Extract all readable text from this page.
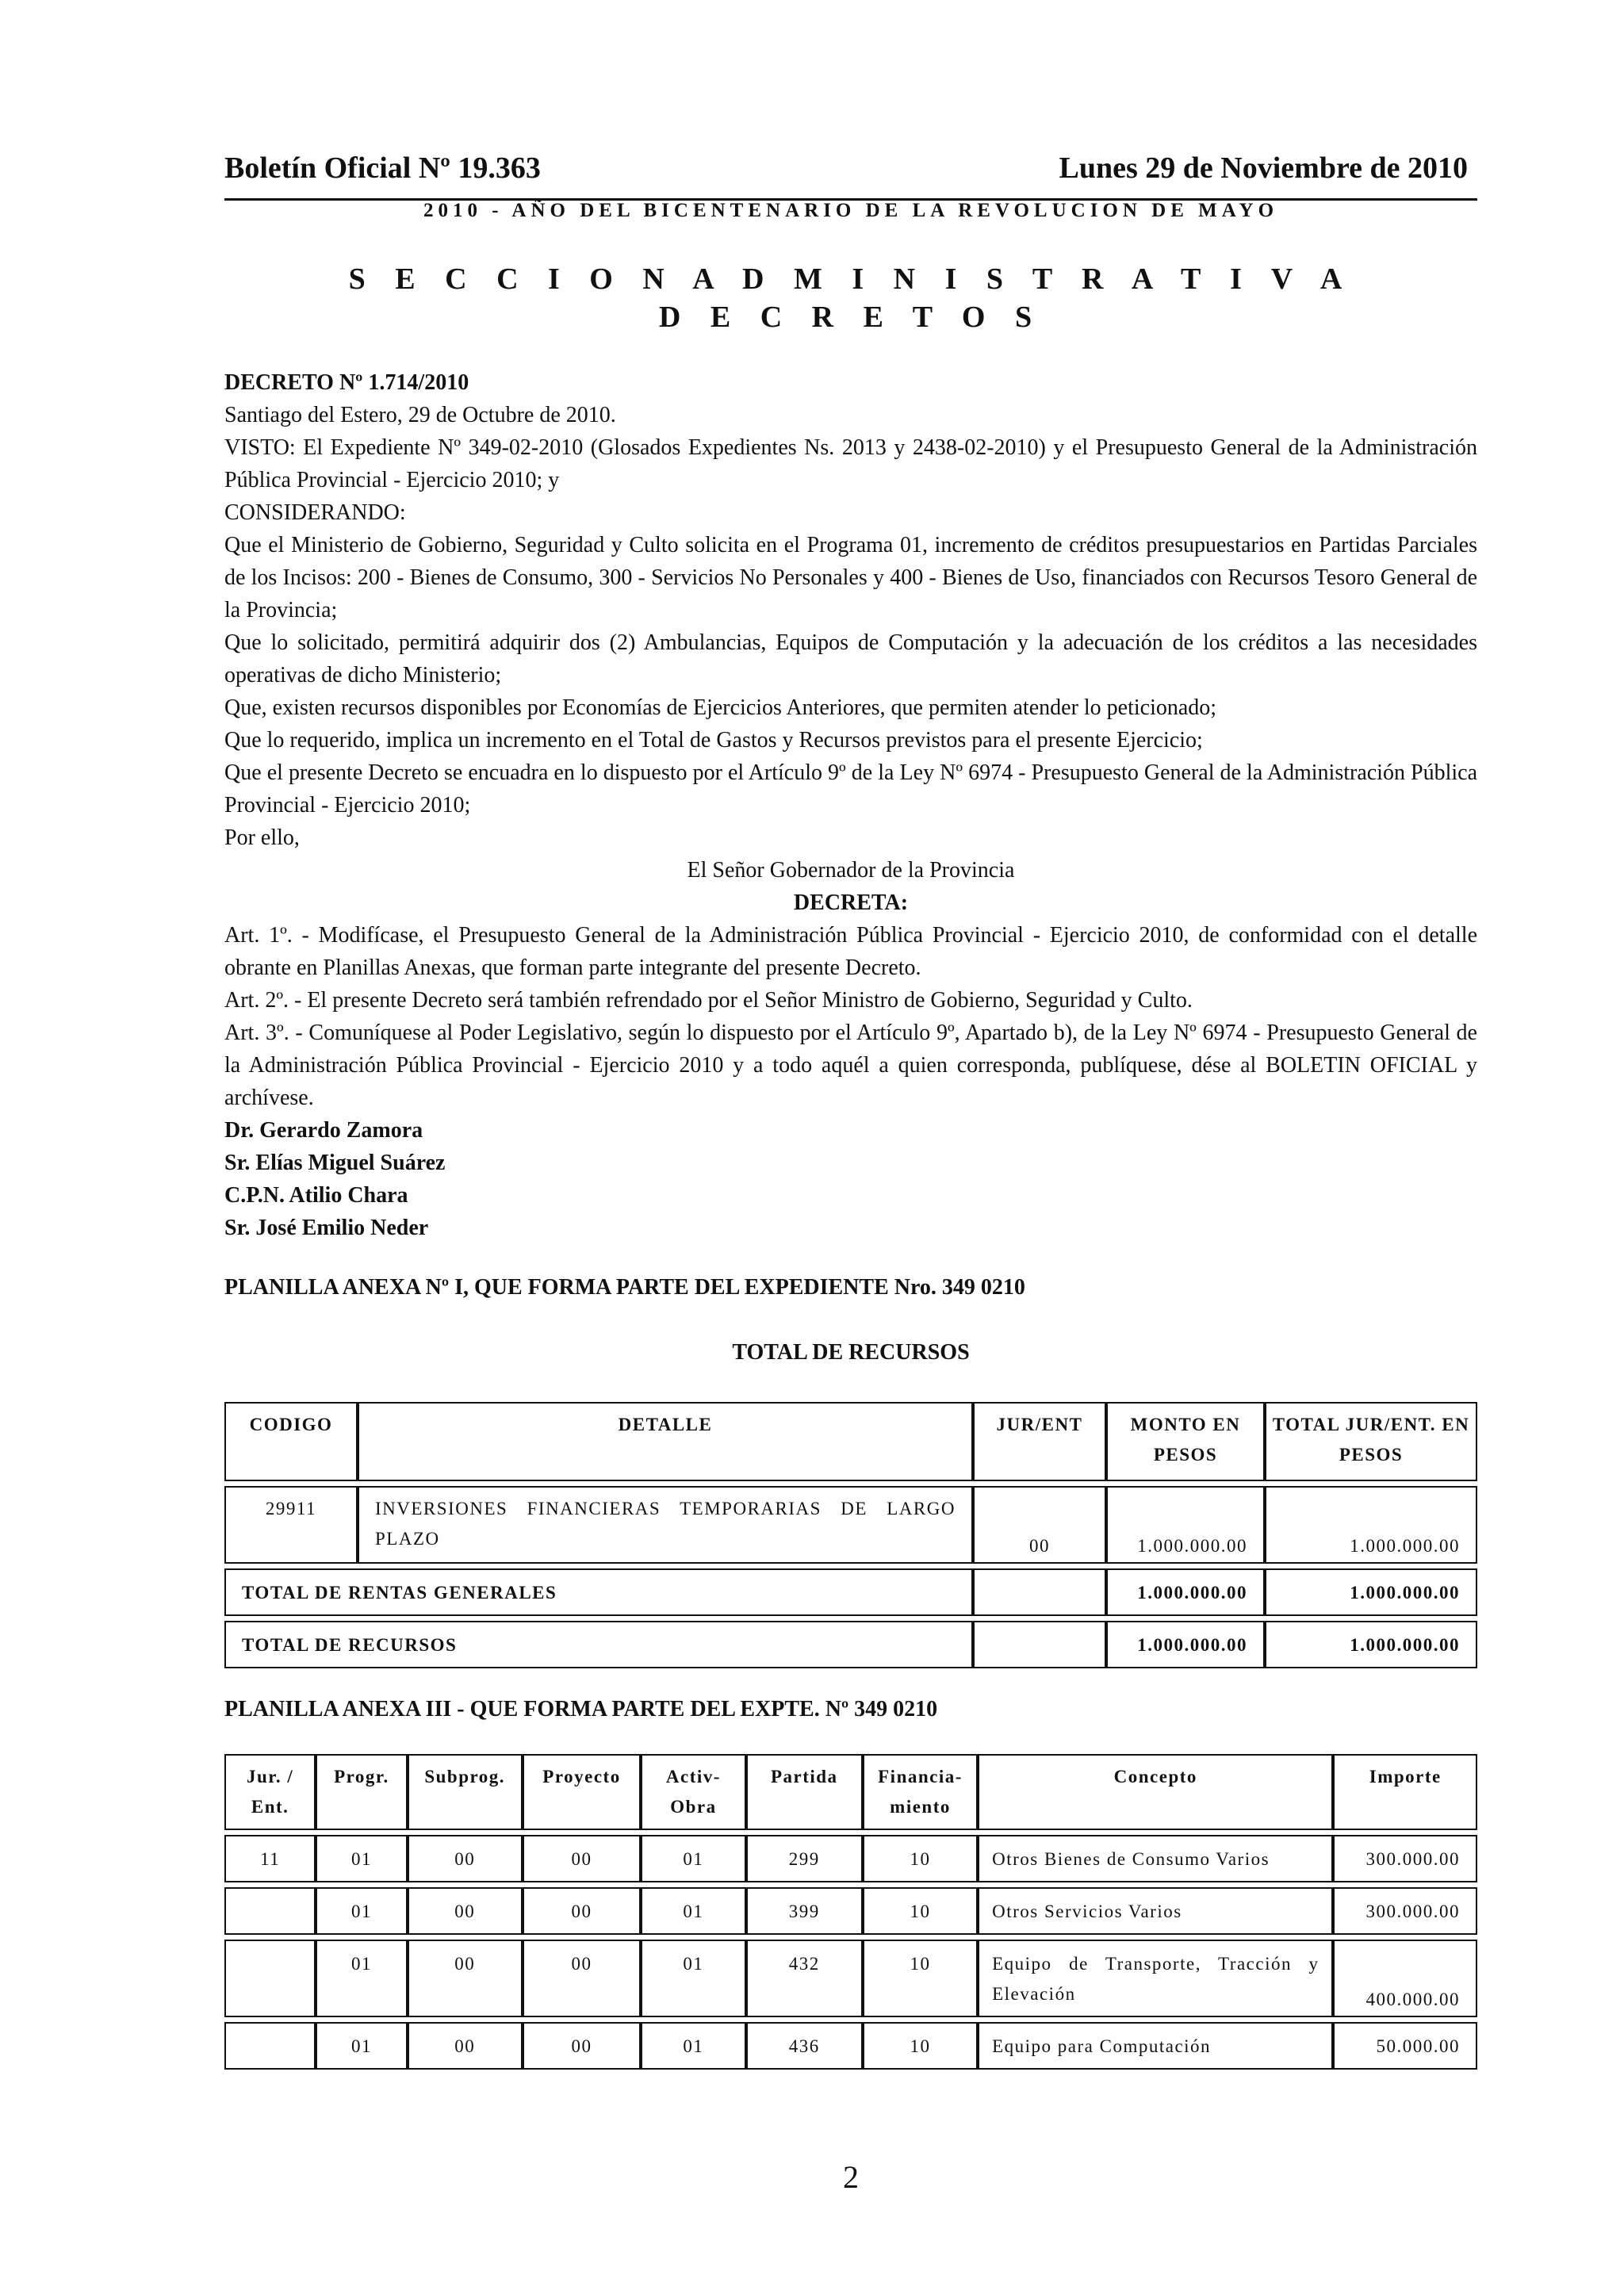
Boletín Oficial Nº 19.363	Lunes 29 de Noviembre de 2010
2010 - AÑO DEL BICENTENARIO DE LA REVOLUCION DE MAYO
S E C C I O N A D M I N I S T R A T I V A
D E C R E T O S

DECRETO Nº 1.714/2010

Santiago del Estero, 29 de Octubre de 2010.

VISTO: El Expediente Nº 349-02-2010 (Glosados Expedientes Ns. 2013 y 2438-02-2010) y el Presupuesto General de la Administración Pública Provincial - Ejercicio 2010; y

CONSIDERANDO:

Que el Ministerio de Gobierno, Seguridad y Culto solicita en el Programa 01, incremento de créditos presupuestarios en Partidas Parciales de los Incisos: 200 - Bienes de Consumo, 300 - Servicios No Personales y 400 - Bienes de Uso, financiados con Recursos Tesoro General de la Provincia;

Que lo solicitado, permitirá adquirir dos (2) Ambulancias, Equipos de Computación y la adecuación de los créditos a las necesidades operativas de dicho Ministerio;

Que, existen recursos disponibles por Economías de Ejercicios Anteriores, que permiten atender lo peticionado;

Que lo requerido, implica un incremento en el Total de Gastos y Recursos previstos para el presente Ejercicio;

Que el presente Decreto se encuadra en lo dispuesto por el Artículo 9º de la Ley Nº 6974 - Presupuesto General de la Administración Pública Provincial - Ejercicio 2010;

Por ello,

El Señor Gobernador de la Provincia

DECRETA:

Art. 1º. - Modifícase, el Presupuesto General de la Administración Pública Provincial - Ejercicio 2010, de conformidad con el detalle obrante en Planillas Anexas, que forman parte integrante del presente Decreto.

Art. 2º. - El presente Decreto será también refrendado por el Señor Ministro de Gobierno, Seguridad y Culto.

Art. 3º. - Comuníquese al Poder Legislativo, según lo dispuesto por el Artículo 9º, Apartado b), de la Ley Nº 6974 - Presupuesto General de la Administración Pública Provincial - Ejercicio 2010 y a todo aquél a quien corresponda, publíquese, dése al BOLETIN OFICIAL y archívese.

Dr. Gerardo Zamora

Sr. Elías Miguel Suárez

C.P.N. Atilio Chara

Sr. José Emilio Neder

PLANILLA ANEXA Nº I, QUE FORMA PARTE DEL EXPEDIENTE Nro. 349 0210
TOTAL DE RECURSOS
CODIGO	DETALLE	JUR/ENT	MONTO EN PESOS	TOTAL JUR/ENT. EN PESOS

29911	INVERSIONES FINANCIERAS TEMPORARIAS DE LARGO PLAZO	00	1.000.000.00	1.000.000.00

TOTAL DE RENTAS GENERALES			1.000.000.00	1.000.000.00

TOTAL DE RECURSOS			1.000.000.00	1.000.000.00
PLANILLA ANEXA III - QUE FORMA PARTE DEL EXPTE. Nº 349 0210
Jur. / Ent.	Progr.	Subprog.	Proyecto	Activ- Obra	Partida	Financia- miento	Concepto	Importe

11	01	00	00	01	299	10	Otros Bienes de Consumo Varios	300.000.00

	01	00	00	01	399	10	Otros Servicios Varios	300.000.00

	01	00	00	01	432	10	Equipo de Transporte, Tracción y Elevación	400.000.00

	01	00	00	01	436	10	Equipo para Computación	50.000.00
2
